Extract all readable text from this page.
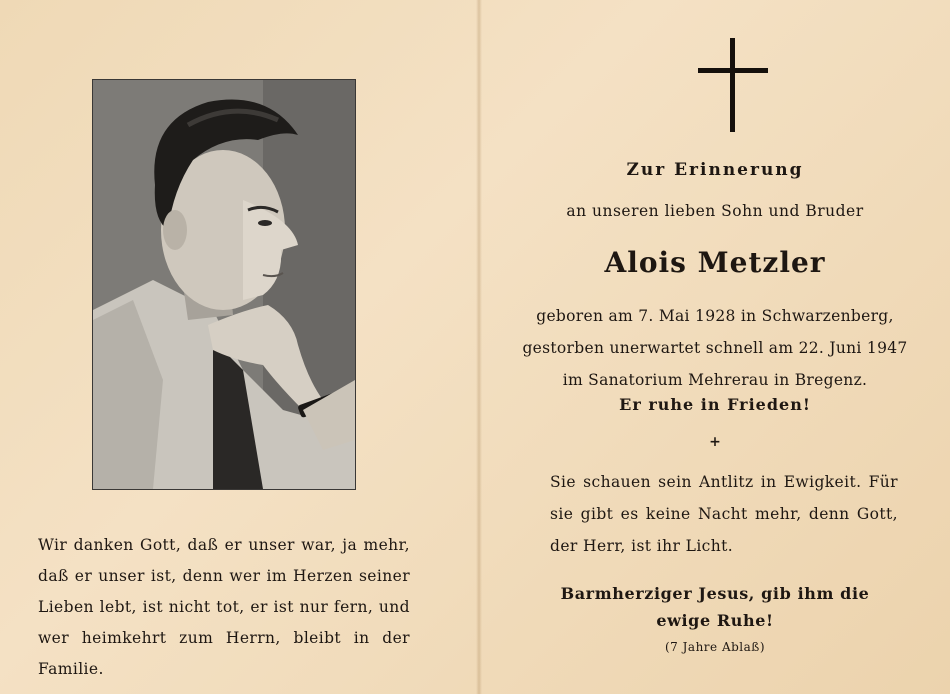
Wir danken Gott, daß er unser war, ja mehr, daß er unser ist, denn wer im Herzen seiner Lieben lebt, ist nicht tot, er ist nur fern, und wer heimkehrt zum Herrn, bleibt in der Familie.
Zur Erinnerung
an unseren lieben Sohn und Bruder
Alois Metzler
geboren am 7. Mai 1928 in Schwarzenberg,
gestorben unerwartet schnell am 22. Juni 1947
im Sanatorium Mehrerau in Bregenz.
Er ruhe in Frieden!
+
Sie schauen sein Antlitz in Ewigkeit. Für sie gibt es keine Nacht mehr, denn Gott, der Herr, ist ihr Licht.
Barmherziger Jesus, gib ihm die
ewige Ruhe!
(7 Jahre Ablaß)
